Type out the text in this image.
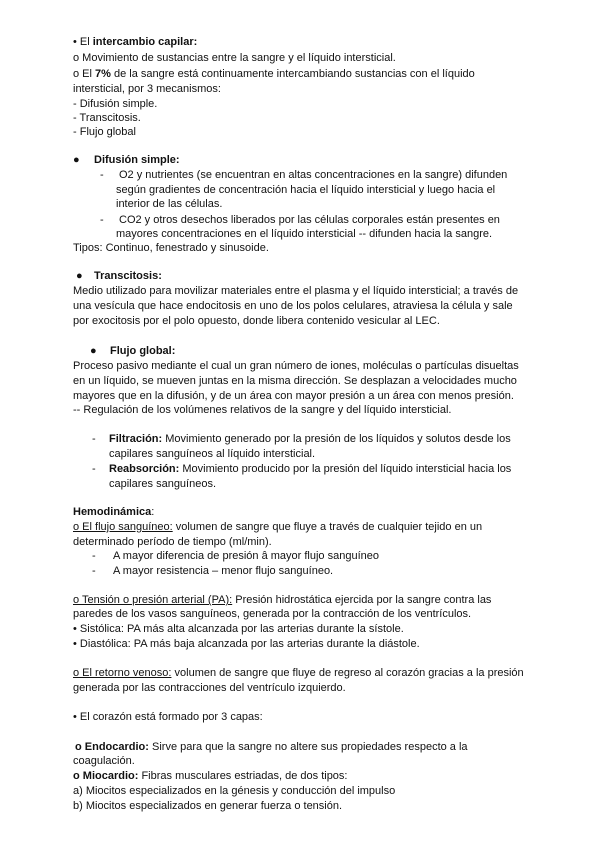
• El intercambio capilar:
o Movimiento de sustancias entre la sangre y el líquido intersticial.
o El 7% de la sangre está continuamente intercambiando sustancias con el líquido
intersticial, por 3 mecanismos:
- Difusión simple.
- Transcitosis.
- Flujo global
● Difusión simple:
- O2 y nutrientes (se encuentran en altas concentraciones en la sangre) difunden
según gradientes de concentración hacia el líquido intersticial y luego hacia el
interior de las células.
- CO2 y otros desechos liberados por las células corporales están presentes en
mayores concentraciones en el líquido intersticial -- difunden hacia la sangre.
Tipos: Continuo, fenestrado y sinusoide.
● Transcitosis:
Medio utilizado para movilizar materiales entre el plasma y el líquido intersticial; a través de
una vesícula que hace endocitosis en uno de los polos celulares, atraviesa la célula y sale
por exocitosis por el polo opuesto, donde libera contenido vesicular al LEC.
● Flujo global:
Proceso pasivo mediante el cual un gran número de iones, moléculas o partículas disueltas
en un líquido, se mueven juntas en la misma dirección. Se desplazan a velocidades mucho
mayores que en la difusión, y de un área con mayor presión a un área con menos presión.
-- Regulación de los volúmenes relativos de la sangre y del líquido intersticial.
- Filtración: Movimiento generado por la presión de los líquidos y solutos desde los
capilares sanguíneos al líquido intersticial.
- Reabsorción: Movimiento producido por la presión del líquido intersticial hacia los
capilares sanguíneos.
Hemodinámica:
o El flujo sanguíneo: volumen de sangre que fluye a través de cualquier tejido en un
determinado período de tiempo (ml/min).
- A mayor diferencia de presión â mayor flujo sanguíneo
- A mayor resistencia – menor flujo sanguíneo.
o Tensión o presión arterial (PA): Presión hidrostática ejercida por la sangre contra las
paredes de los vasos sanguíneos, generada por la contracción de los ventrículos.
• Sistólica: PA más alta alcanzada por las arterias durante la sístole.
• Diastólica: PA más baja alcanzada por las arterias durante la diástole.
o El retorno venoso: volumen de sangre que fluye de regreso al corazón gracias a la presión
generada por las contracciones del ventrículo izquierdo.
• El corazón está formado por 3 capas:
o Endocardio: Sirve para que la sangre no altere sus propiedades respecto a la
coagulación.
o Miocardio: Fibras musculares estriadas, de dos tipos:
a) Miocitos especializados en la génesis y conducción del impulso
b) Miocitos especializados en generar fuerza o tensión.
